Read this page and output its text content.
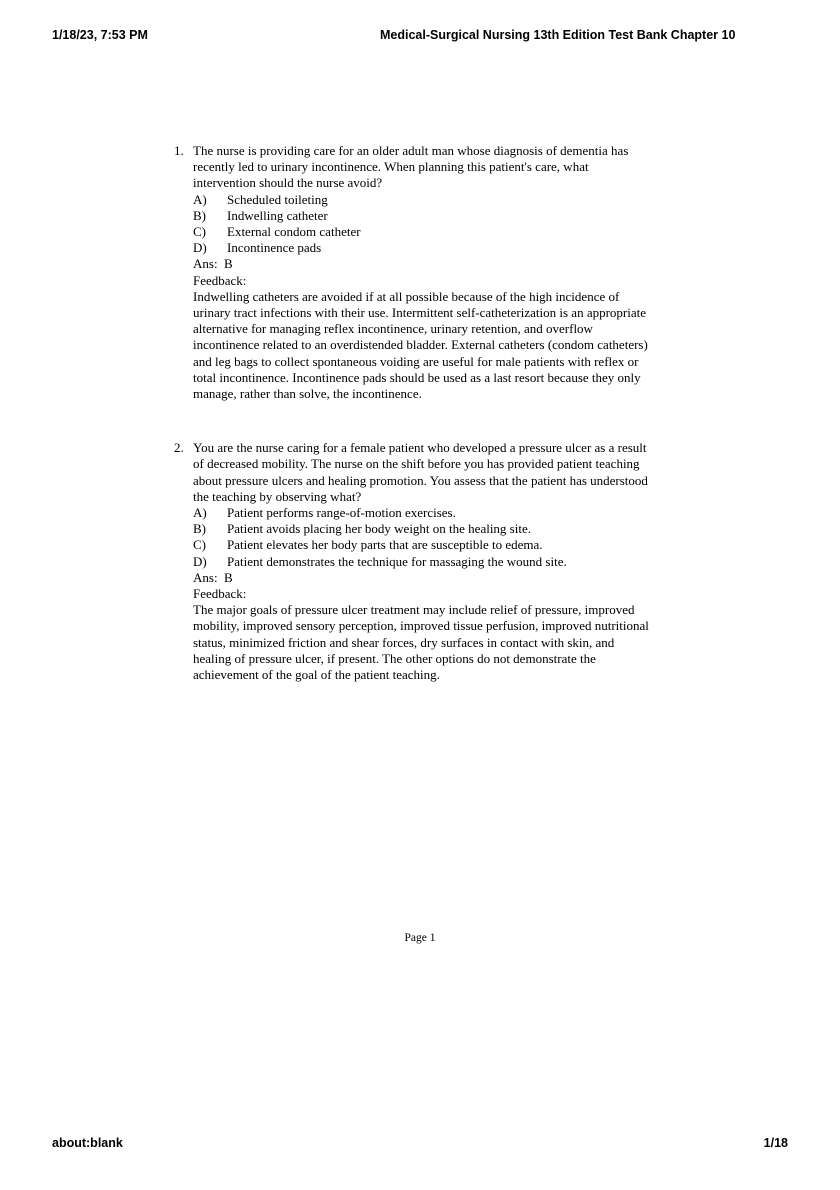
1/18/23, 7:53 PM	Medical-Surgical Nursing 13th Edition Test Bank Chapter 10
1. The nurse is providing care for an older adult man whose diagnosis of dementia has
recently led to urinary incontinence. When planning this patient's care, what
intervention should the nurse avoid?
A) Scheduled toileting
B) Indwelling catheter
C) External condom catheter
D) Incontinence pads
Ans: B
Feedback:
Indwelling catheters are avoided if at all possible because of the high incidence of
urinary tract infections with their use. Intermittent self-catheterization is an appropriate
alternative for managing reflex incontinence, urinary retention, and overflow
incontinence related to an overdistended bladder. External catheters (condom catheters)
and leg bags to collect spontaneous voiding are useful for male patients with reflex or
total incontinence. Incontinence pads should be used as a last resort because they only
manage, rather than solve, the incontinence.
2. You are the nurse caring for a female patient who developed a pressure ulcer as a result
of decreased mobility. The nurse on the shift before you has provided patient teaching
about pressure ulcers and healing promotion. You assess that the patient has understood
the teaching by observing what?
A) Patient performs range-of-motion exercises.
B) Patient avoids placing her body weight on the healing site.
C) Patient elevates her body parts that are susceptible to edema.
D) Patient demonstrates the technique for massaging the wound site.
Ans: B
Feedback:
The major goals of pressure ulcer treatment may include relief of pressure, improved
mobility, improved sensory perception, improved tissue perfusion, improved nutritional
status, minimized friction and shear forces, dry surfaces in contact with skin, and
healing of pressure ulcer, if present. The other options do not demonstrate the
achievement of the goal of the patient teaching.
Page 1
about:blank	1/18
